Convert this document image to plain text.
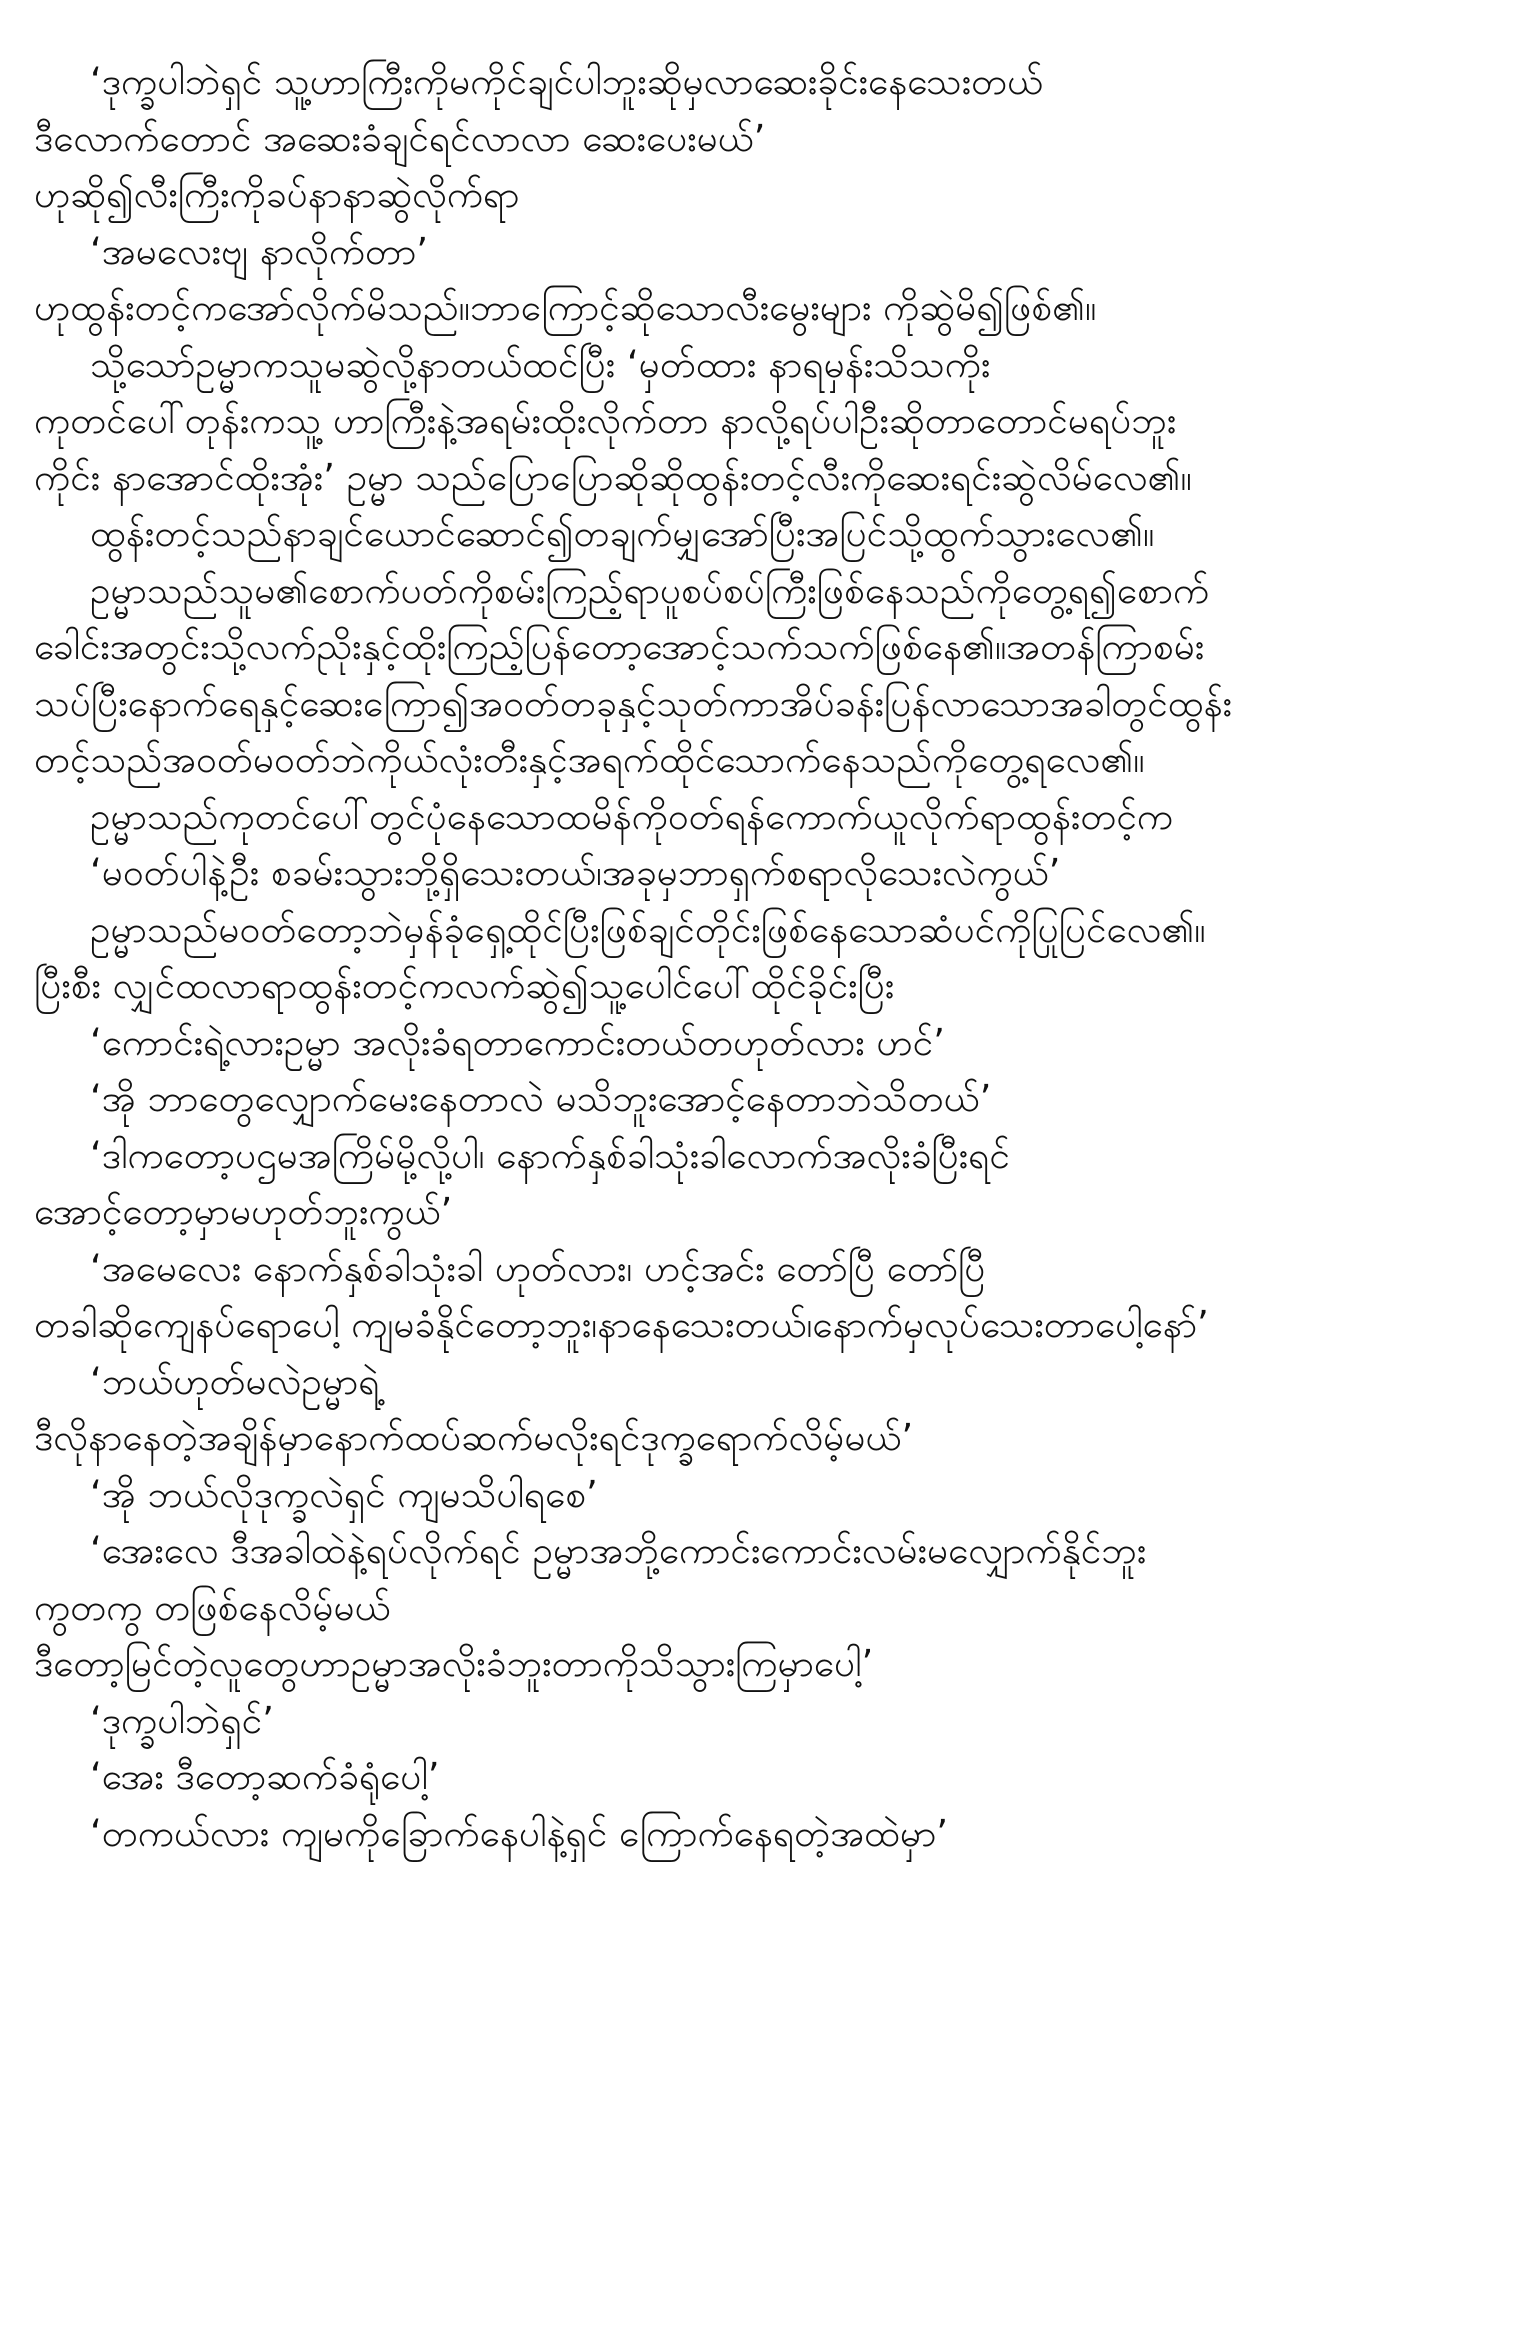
‘ဒုက္ခပါဘဲရှင် သူ့ဟာကြီးကိုမကိုင်ချင်ပါဘူးဆိုမှလာဆေးခိုင်းနေသေးတယ်
ဒီလောက်တောင် အဆေးခံချင်ရင်လာလာ ဆေးပေးမယ်’
ဟုဆို၍လီးကြီးကိုခပ်နာနာဆွဲလိုက်ရာ
‘အမလေးဗျ နာလိုက်တာ’
ဟုထွန်းတင့်ကအော်လိုက်မိသည်။ဘာကြောင့်ဆိုသောလီးမွေးများ ကိုဆွဲမိ၍ဖြစ်၏။
သို့သော်ဥမ္မာကသူမဆွဲလို့နာတယ်ထင်ပြီး ‘မှတ်ထား နာရမှန်းသိသကိုး
ကုတင်ပေါ်တုန်းကသူ့ ဟာကြီးနဲ့အရမ်းထိုးလိုက်တာ နာလို့ရပ်ပါဦးဆိုတာတောင်မရပ်ဘူး
ကိုင်း နာအောင်ထိုးအုံး’ ဥမ္မာ သည်ပြောပြောဆိုဆိုထွန်းတင့်လီးကိုဆေးရင်းဆွဲလိမ်လေ၏။
ထွန်းတင့်သည်နာချင်ယောင်ဆောင်၍တချက်မျှအော်ပြီးအပြင်သို့ထွက်သွားလေ၏။
ဥမ္မာသည်သူမ၏စောက်ပတ်ကိုစမ်းကြည့်ရာပူစပ်စပ်ကြီးဖြစ်နေသည်ကိုတွေ့ရ၍စောက်
ခေါင်းအတွင်းသို့လက်ညိုးနှင့်ထိုးကြည့်ပြန်တော့အောင့်သက်သက်ဖြစ်နေ၏။အတန်ကြာစမ်း
သပ်ပြီးနောက်ရေနှင့်ဆေးကြော၍အဝတ်တခုနှင့်သုတ်ကာအိပ်ခန်းပြန်လာသောအခါတွင်ထွန်း
တင့်သည်အဝတ်မဝတ်ဘဲကိုယ်လုံးတီးနှင့်အရက်ထိုင်သောက်နေသည်ကိုတွေ့ရလေ၏။
ဥမ္မာသည်ကုတင်ပေါ်တွင်ပုံနေသောထမိန်ကိုဝတ်ရန်ကောက်ယူလိုက်ရာထွန်းတင့်က
‘မဝတ်ပါနဲ့ဦး စခမ်းသွားဘို့ရှိသေးတယ်၊အခုမှဘာရှက်စရာလိုသေးလဲကွယ်’
ဥမ္မာသည်မဝတ်တော့ဘဲမှန်ခုံရှေ့ထိုင်ပြီးဖြစ်ချင်တိုင်းဖြစ်နေသောဆံပင်ကိုပြုပြင်လေ၏။
ပြီးစီး လျှင်ထလာရာထွန်းတင့်ကလက်ဆွဲ၍သူ့ပေါင်ပေါ်ထိုင်ခိုင်းပြီး
‘ကောင်းရဲ့လားဥမ္မာ အလိုးခံရတာကောင်းတယ်တဟုတ်လား ဟင်’
‘အို ဘာတွေလျှောက်မေးနေတာလဲ မသိဘူးအောင့်နေတာဘဲသိတယ်’
‘ဒါကတော့ပဌမအကြိမ်မို့လို့ပါ၊ နောက်နှစ်ခါသုံးခါလောက်အလိုးခံပြီးရင်
အောင့်တော့မှာမဟုတ်ဘူးကွယ်’
‘အမေလေး နောက်နှစ်ခါသုံးခါ ဟုတ်လား၊ ဟင့်အင်း တော်ပြီ တော်ပြီ
တခါဆိုကျေနပ်ရောပေါ့ ကျမခံနိုင်တော့ဘူး၊နာနေသေးတယ်၊နောက်မှလုပ်သေးတာပေါ့နော်’
‘ဘယ်ဟုတ်မလဲဥမ္မာရဲ့
ဒီလိုနာနေတဲ့အချိန်မှာနောက်ထပ်ဆက်မလိုးရင်ဒုက္ခရောက်လိမ့်မယ်’
‘အို ဘယ်လိုဒုက္ခလဲရှင် ကျမသိပါရစေ’
‘အေးလေ ဒီအခါထဲနဲ့ရပ်လိုက်ရင် ဥမ္မာအဘို့ကောင်းကောင်းလမ်းမလျှောက်နိုင်ဘူး
ကွတကွ တဖြစ်နေလိမ့်မယ်
ဒီတော့မြင်တဲ့လူတွေဟာဥမ္မာအလိုးခံဘူးတာကိုသိသွားကြမှာပေါ့’
‘ဒုက္ခပါဘဲရှင်’
‘အေး ဒီတော့ဆက်ခံရုံပေါ့’
‘တကယ်လား ကျမကိုခြောက်နေပါနဲ့ရှင် ကြောက်နေရတဲ့အထဲမှာ’
